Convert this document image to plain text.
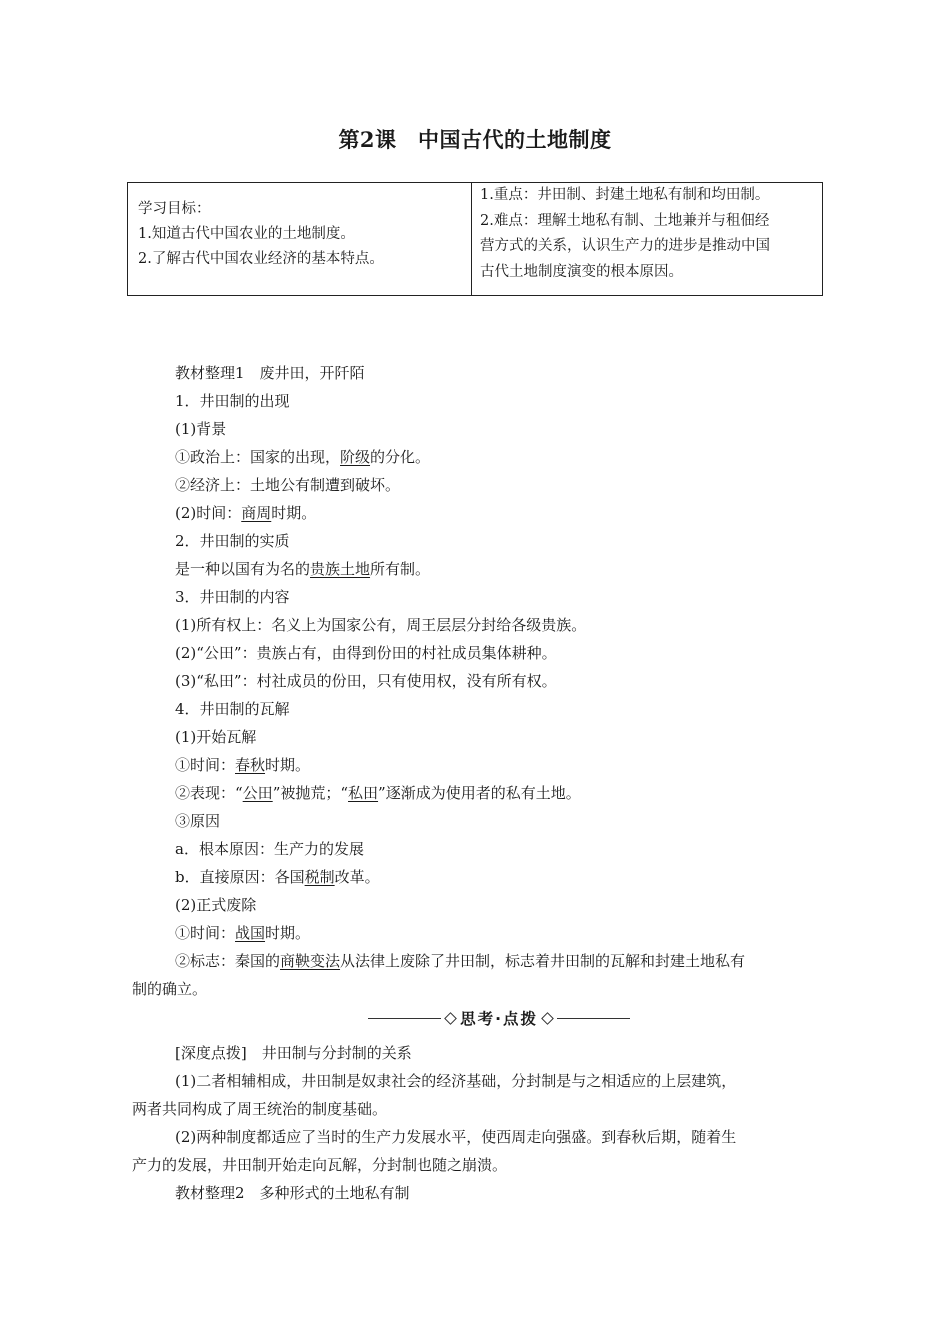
第2课　中国古代的土地制度
学习目标：
1.知道古代中国农业的土地制度。
2.了解古代中国农业经济的基本特点。
1.重点：井田制、封建土地私有制和均田制。
2.难点：理解土地私有制、土地兼并与租佃经
营方式的关系，认识生产力的进步是推动中国
古代土地制度演变的根本原因。
教材整理1　废井田，开阡陌
1．井田制的出现
(1)背景
①政治上：国家的出现，阶级的分化。
②经济上：土地公有制遭到破坏。
(2)时间：商周时期。
2．井田制的实质
是一种以国有为名的贵族土地所有制。
3．井田制的内容
(1)所有权上：名义上为国家公有，周王层层分封给各级贵族。
(2)“公田”：贵族占有，由得到份田的村社成员集体耕种。
(3)“私田”：村社成员的份田，只有使用权，没有所有权。
4．井田制的瓦解
(1)开始瓦解
①时间：春秋时期。
②表现：“公田”被抛荒；“私田”逐渐成为使用者的私有土地。
③原因
a．根本原因：生产力的发展
b．直接原因：各国税制改革。
(2)正式废除
①时间：战国时期。
②标志：秦国的商鞅变法从法律上废除了井田制，标志着井田制的瓦解和封建土地私有
制的确立。
思考·点拨
[深度点拨]　井田制与分封制的关系
(1)二者相辅相成，井田制是奴隶社会的经济基础，分封制是与之相适应的上层建筑，
两者共同构成了周王统治的制度基础。
(2)两种制度都适应了当时的生产力发展水平，使西周走向强盛。到春秋后期，随着生
产力的发展，井田制开始走向瓦解，分封制也随之崩溃。
教材整理2　多种形式的土地私有制
